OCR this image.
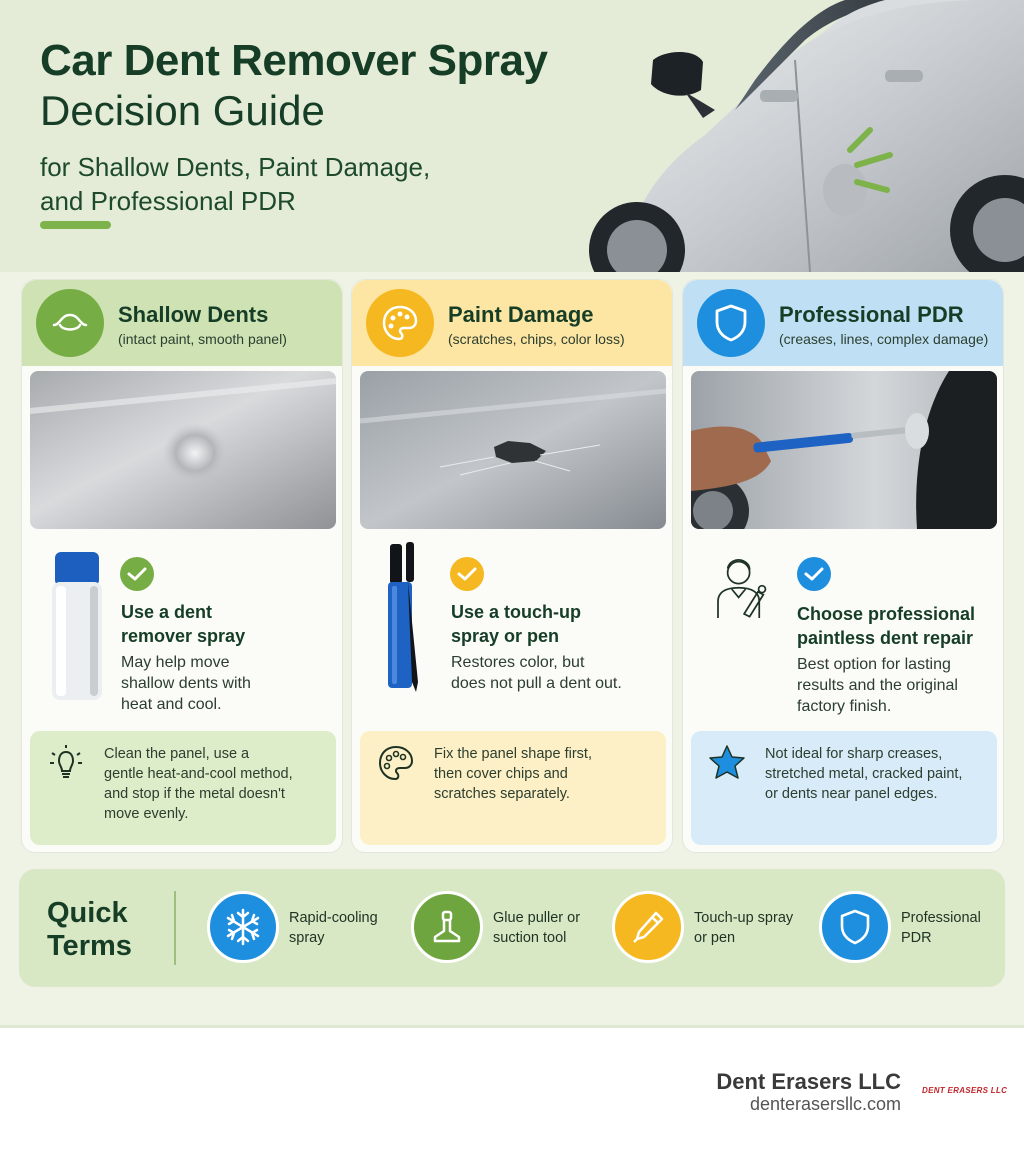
Car Dent Remover Spray
Decision Guide
for Shallow Dents, Paint Damage,
and Professional PDR
Shallow Dents
(intact paint, smooth panel)
Use a dent
remover spray
May help move
shallow dents with
heat and cool.
Clean the panel, use a
gentle heat-and-cool method,
and stop if the metal doesn't
move evenly.
Paint Damage
(scratches, chips, color loss)
Use a touch-up
spray or pen
Restores color, but
does not pull a dent out.
Fix the panel shape first,
then cover chips and
scratches separately.
Professional PDR
(creases, lines, complex damage)
Choose professional
paintless dent repair
Best option for lasting
results and the original
factory finish.
Not ideal for sharp creases,
stretched metal, cracked paint,
or dents near panel edges.
Quick
Terms
Rapid-cooling
spray
Glue puller or
suction tool
Touch-up spray
or pen
Professional
PDR
Dent Erasers LLC
denterasersllc.com
DENT ERASERS LLC
